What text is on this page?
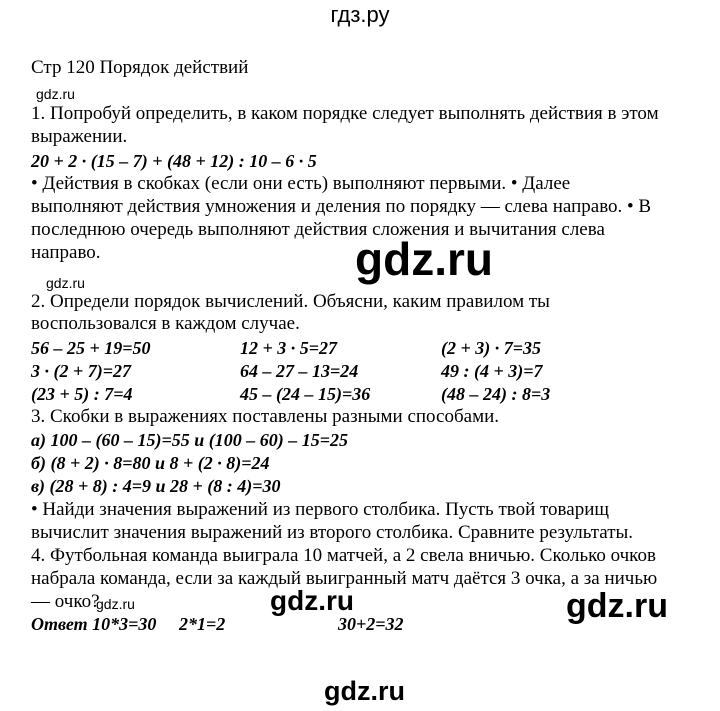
гдз.ру
Стр 120 Порядок действий
gdz.ru
1. Попробуй определить, в каком порядке следует выполнять действия в этом
выражении.
20 + 2 · (15 – 7) + (48 + 12) : 10 – 6 · 5
• Действия в скобках (если они есть) выполняют первыми. • Далее
выполняют действия умножения и деления по порядку — слева направо. • В
последнюю очередь выполняют действия сложения и вычитания слева
направо.	gdz.ru
gdz.ru
2. Определи порядок вычислений. Объясни, каким правилом ты
воспользовался в каждом случае.
56 – 25 + 19=50	12 + 3 · 5=27	(2 + 3) · 7=35
3 · (2 + 7)=27	64 – 27 – 13=24	49 : (4 + 3)=7
(23 + 5) : 7=4	45 – (24 – 15)=36	(48 – 24) : 8=3
3. Скобки в выражениях поставлены разными способами.
а) 100 – (60 – 15)=55 и (100 – 60) – 15=25
б) (8 + 2) · 8=80 и 8 + (2 · 8)=24
в) (28 + 8) : 4=9 и 28 + (8 : 4)=30
• Найди значения выражений из первого столбика. Пусть твой товарищ
вычислит значения выражений из второго столбика. Сравните результаты.
4. Футбольная команда выиграла 10 матчей, а 2 свела вничью. Сколько очков
набрала команда, если за каждый выигранный матч даётся 3 очка, а за ничью
— очко?
gdz.ru	gdz.ru	gdz.ru
Ответ 10*3=30 2*1=2	30+2=32
gdz.ru
